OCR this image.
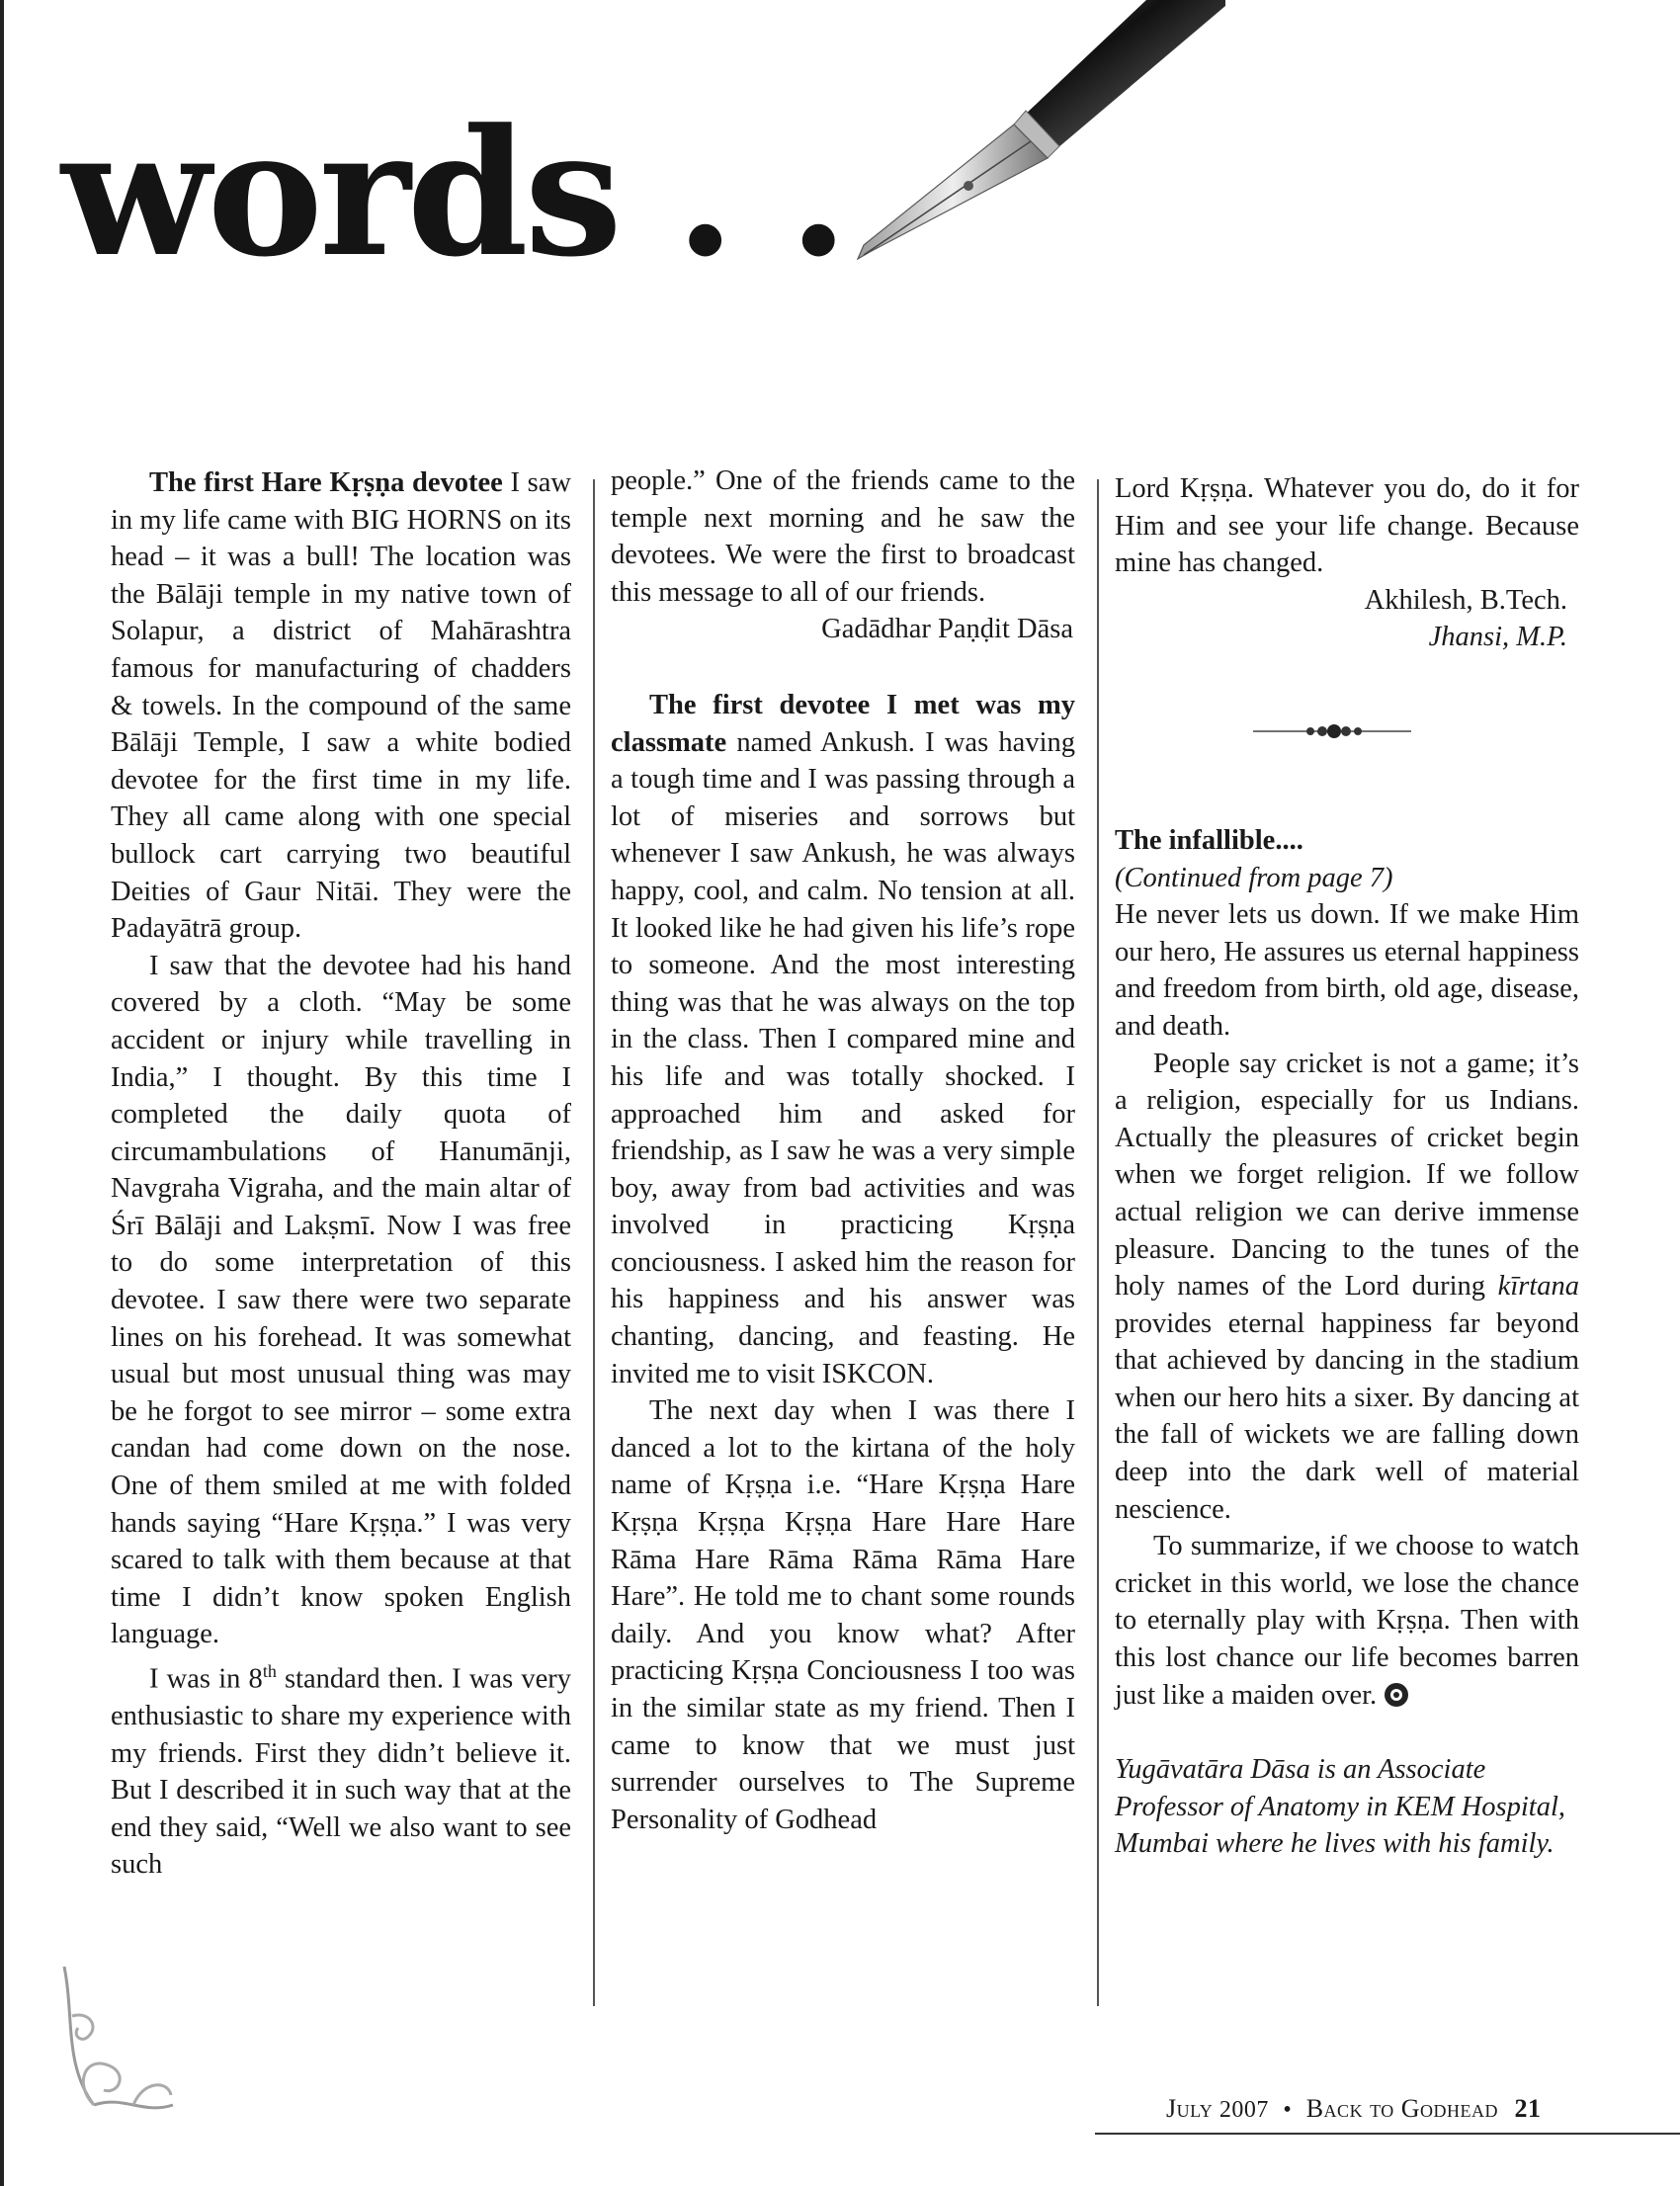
words . .

The first Hare Kṛṣṇa devotee I saw in my life came with BIG HORNS on its head – it was a bull! The location was the Bālāji temple in my native town of Solapur, a district of Mahārashtra famous for manufacturing of chadders & towels. In the compound of the same Bālāji Temple, I saw a white bodied devotee for the first time in my life. They all came along with one special bullock cart carrying two beautiful Deities of Gaur Nitāi. They were the Padayātrā group.

I saw that the devotee had his hand covered by a cloth. “May be some accident or injury while travelling in India,” I thought. By this time I completed the daily quota of circumambulations of Hanumānji, Navgraha Vigraha, and the main altar of Śrī Bālāji and Lakṣmī. Now I was free to do some interpretation of this devotee. I saw there were two separate lines on his forehead. It was somewhat usual but most unusual thing was may be he forgot to see mirror – some extra candan had come down on the nose. One of them smiled at me with folded hands saying “Hare Kṛṣṇa.” I was very scared to talk with them because at that time I didn’t know spoken English language.

I was in 8th standard then. I was very enthusiastic to share my experience with my friends. First they didn’t believe it. But I described it in such way that at the end they said, “Well we also want to see such

people.” One of the friends came to the temple next morning and he saw the devotees. We were the first to broadcast this message to all of our friends.

Gadādhar Paṇḍit Dāsa

The first devotee I met was my classmate named Ankush. I was having a tough time and I was passing through a lot of miseries and sorrows but whenever I saw Ankush, he was always happy, cool, and calm. No tension at all. It looked like he had given his life’s rope to someone. And the most interesting thing was that he was always on the top in the class. Then I compared mine and his life and was totally shocked. I approached him and asked for friendship, as I saw he was a very simple boy, away from bad activities and was involved in practicing Kṛṣṇa conciousness. I asked him the reason for his happiness and his answer was chanting, dancing, and feasting. He invited me to visit ISKCON.

The next day when I was there I danced a lot to the kirtana of the holy name of Kṛṣṇa i.e. “Hare Kṛṣṇa Hare Kṛṣṇa Kṛṣṇa Kṛṣṇa Hare Hare Hare Rāma Hare Rāma Rāma Rāma Hare Hare”. He told me to chant some rounds daily. And you know what? After practicing Kṛṣṇa Conciousness I too was in the similar state as my friend. Then I came to know that we must just surrender ourselves to The Supreme Personality of Godhead

Lord Kṛṣṇa. Whatever you do, do it for Him and see your life change. Because mine has changed.

Akhilesh, B.Tech.

Jhansi, M.P.

The infallible....

(Continued from page 7)

He never lets us down. If we make Him our hero, He assures us eternal happiness and freedom from birth, old age, disease, and death.

People say cricket is not a game; it’s a religion, especially for us Indians. Actually the pleasures of cricket begin when we forget religion. If we follow actual religion we can derive immense pleasure. Dancing to the tunes of the holy names of the Lord during kīrtana provides eternal happiness far beyond that achieved by dancing in the stadium when our hero hits a sixer. By dancing at the fall of wickets we are falling down deep into the dark well of material nescience.

To summarize, if we choose to watch cricket in this world, we lose the chance to eternally play with Kṛṣṇa. Then with this lost chance our life becomes barren just like a maiden over.

Yugāvatāra Dāsa is an Associate Professor of Anatomy in KEM Hospital, Mumbai where he lives with his family.

July 2007 • Back to Godhead 21
